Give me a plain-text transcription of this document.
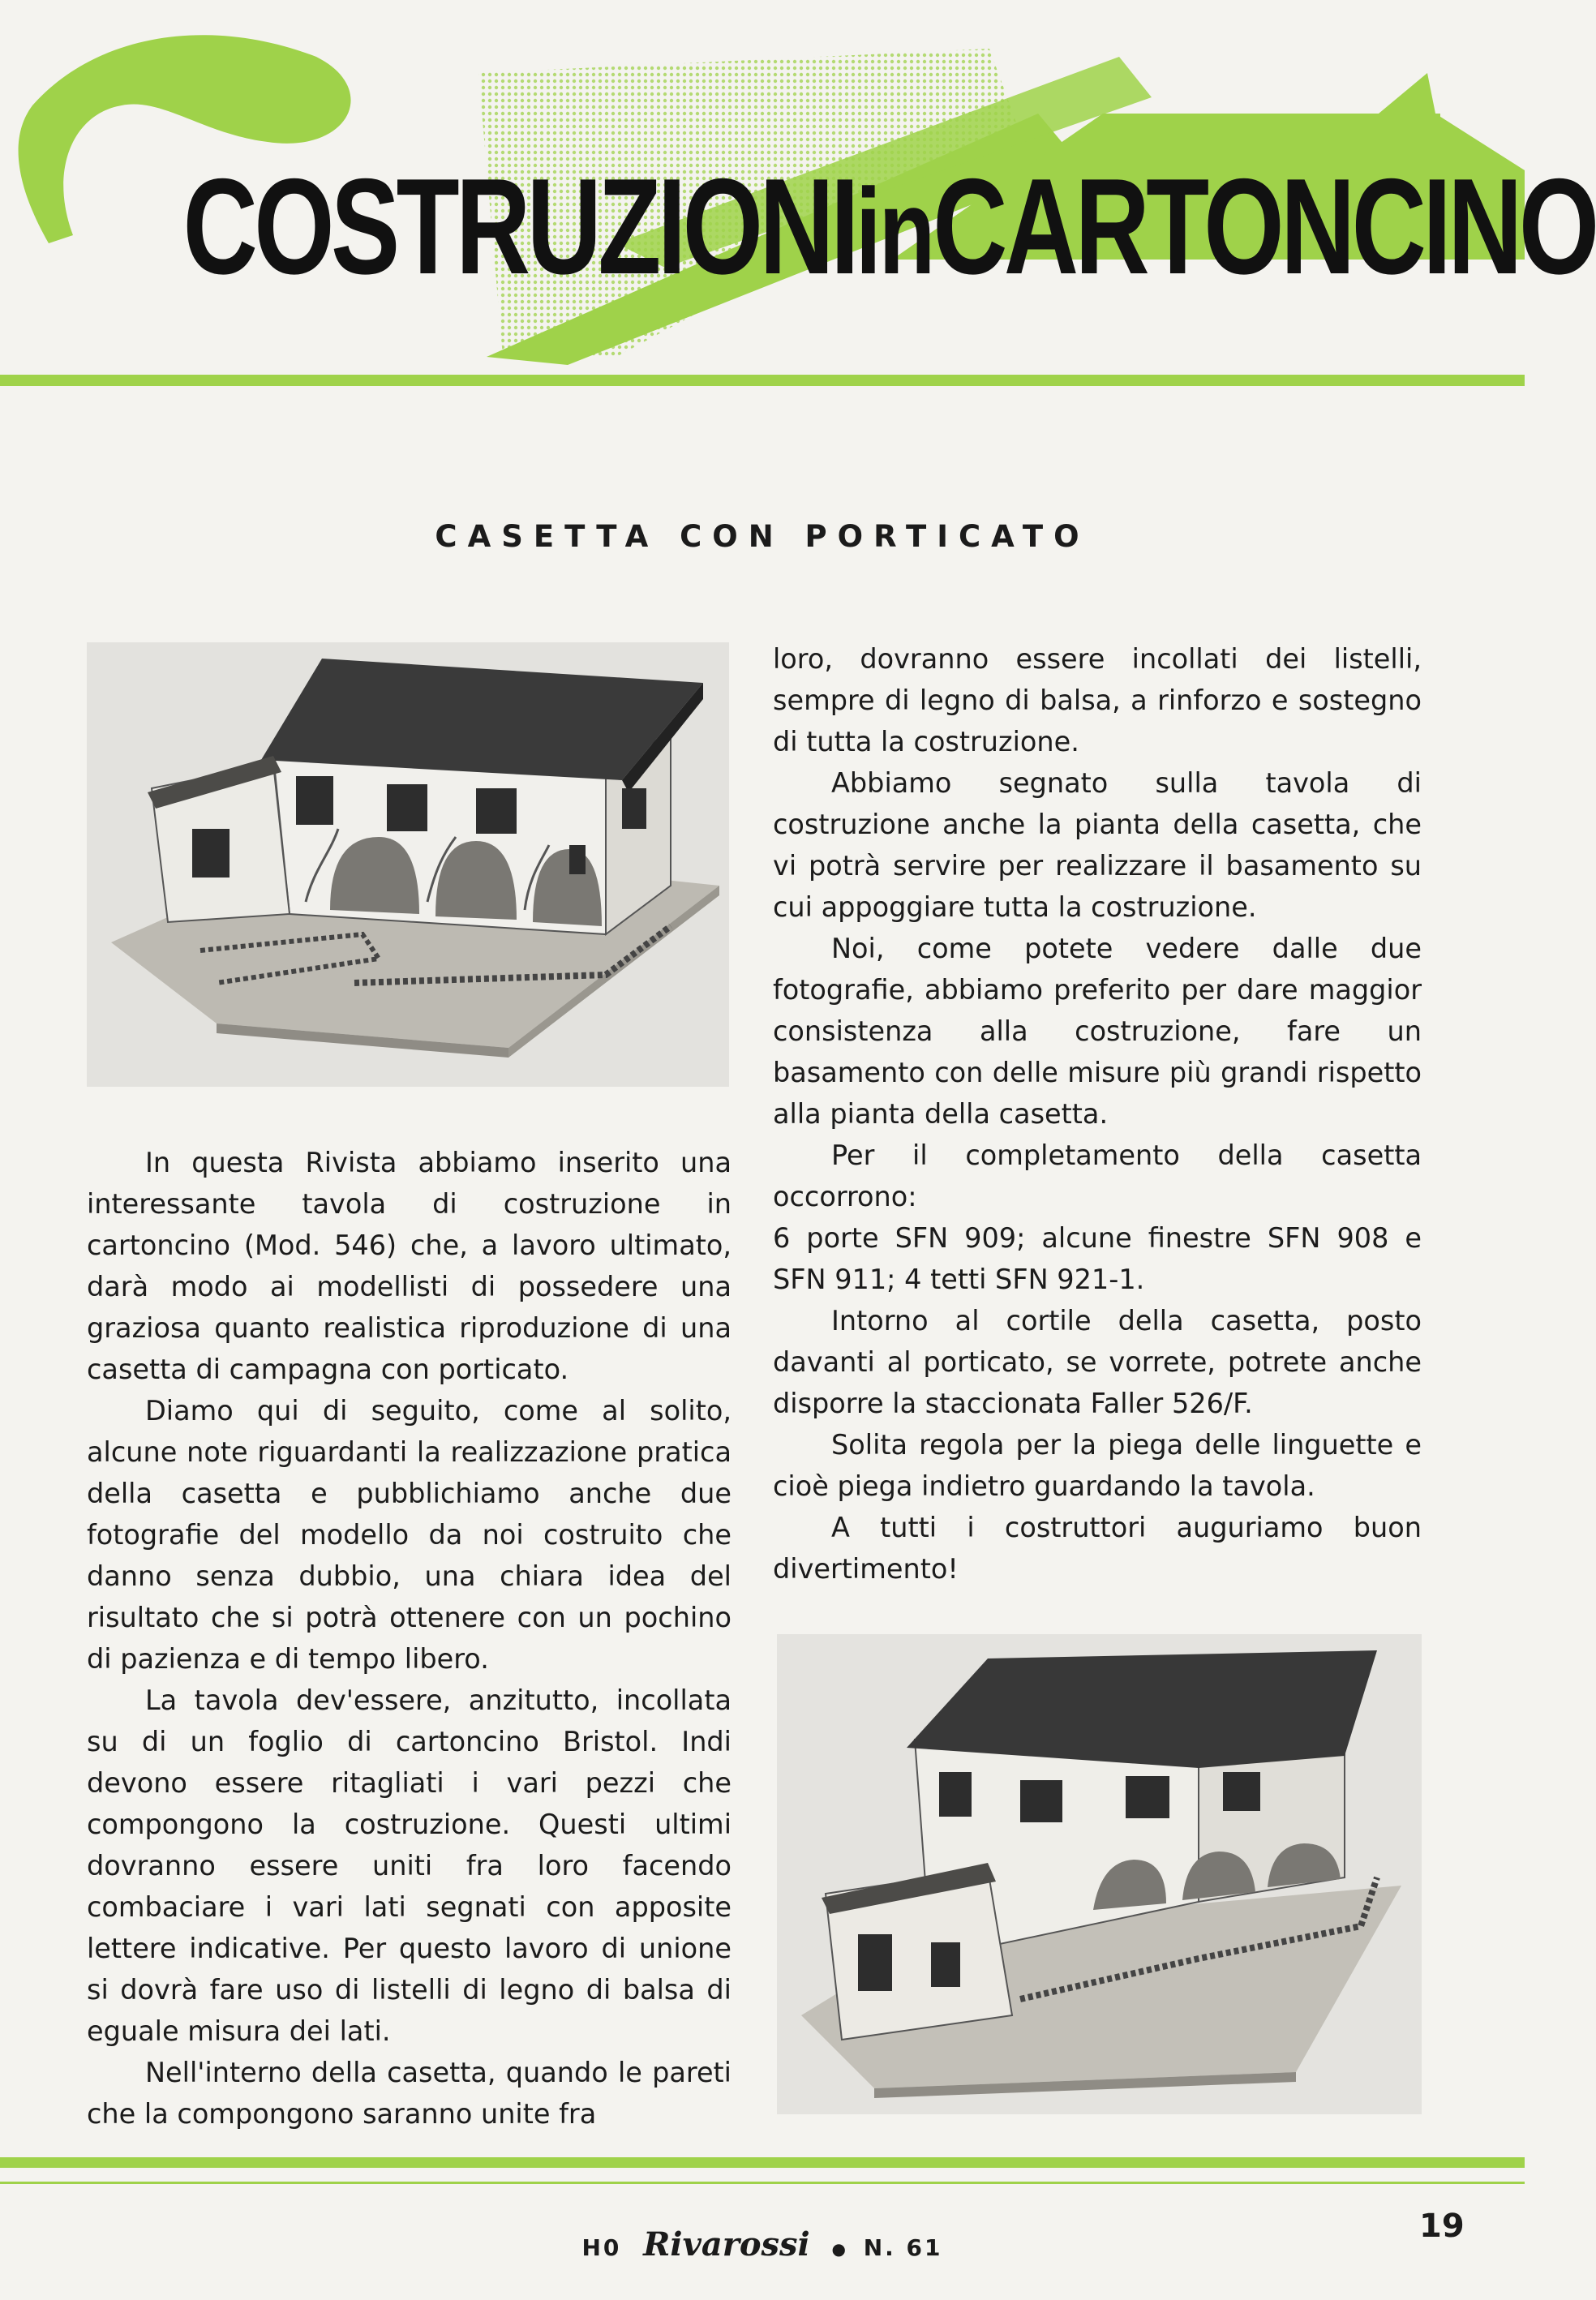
COSTRUZIONIinCARTONCINO
CASETTA CON PORTICATO

In questa Rivista abbiamo inserito una interessante tavola di costruzione in cartoncino (Mod. 546) che, a lavoro ultimato, darà modo ai modellisti di possedere una graziosa quanto realistica riproduzione di una casetta di campagna con porticato.

Diamo qui di seguito, come al solito, alcune note riguardanti la realizzazione pratica della casetta e pubblichiamo anche due fotografie del modello da noi costruito che danno senza dubbio, una chiara idea del risultato che si potrà ottenere con un pochino di pazienza e di tempo libero.

La tavola dev'essere, anzitutto, incollata su di un foglio di cartoncino Bristol. Indi devono essere ritagliati i vari pezzi che compongono la costruzione. Questi ultimi dovranno essere uniti fra loro facendo combaciare i vari lati segnati con apposite lettere indicative. Per questo lavoro di unione si dovrà fare uso di listelli di legno di balsa di eguale misura dei lati.

Nell'interno della casetta, quando le pareti che la compongono saranno unite fra

loro, dovranno essere incollati dei listelli, sempre di legno di balsa, a rinforzo e sostegno di tutta la costruzione.

Abbiamo segnato sulla tavola di costruzione anche la pianta della casetta, che vi potrà servire per realizzare il basamento su cui appoggiare tutta la costruzione.

Noi, come potete vedere dalle due fotografie, abbiamo preferito per dare maggior consistenza alla costruzione, fare un basamento con delle misure più grandi rispetto alla pianta della casetta.

Per il completamento della casetta occorrono:

6 porte SFN 909; alcune finestre SFN 908 e SFN 911; 4 tetti SFN 921-1.

Intorno al cortile della casetta, posto davanti al porticato, se vorrete, potrete anche disporre la staccionata Faller 526/F.

Solita regola per la piega delle linguette e cioè piega indietro guardando la tavola.

A tutti i costruttori auguriamo buon divertimento!

H0 Rivarossi ● N. 61
19
